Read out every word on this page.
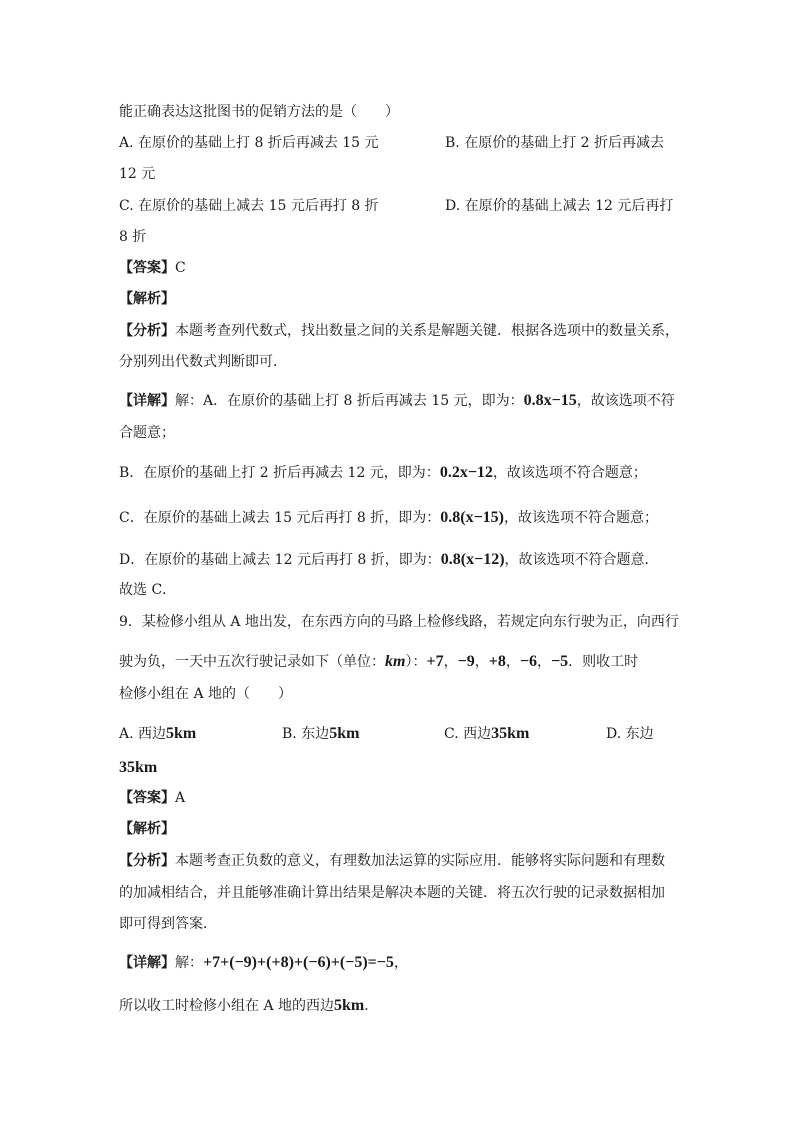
能正确表达这批图书的促销方法的是（　　）
A. 在原价的基础上打 8 折后再减去 15 元	B. 在原价的基础上打 2 折后再减去
12 元
C. 在原价的基础上减去 15 元后再打 8 折	D. 在原价的基础上减去 12 元后再打
8 折
【答案】C
【解析】
【分析】本题考查列代数式，找出数量之间的关系是解题关键．根据各选项中的数量关系，
分别列出代数式判断即可．
【详解】解：A．在原价的基础上打 8 折后再减去 15 元，即为：0.8x−15，故该选项不符
合题意；
B．在原价的基础上打 2 折后再减去 12 元，即为：0.2x−12，故该选项不符合题意；
C．在原价的基础上减去 15 元后再打 8 折，即为：0.8(x−15)，故该选项不符合题意；
D．在原价的基础上减去 12 元后再打 8 折，即为：0.8(x−12)，故该选项不符合题意．
故选 C．
9．某检修小组从 A 地出发，在东西方向的马路上检修线路，若规定向东行驶为正，向西行
驶为负，一天中五次行驶记录如下（单位：km）：+7，−9，+8，−6，−5．则收工时
检修小组在 A 地的（　　）
A. 西边5km	B. 东边5km	C. 西边35km	D. 东边
35km
【答案】A
【解析】
【分析】本题考查正负数的意义，有理数加法运算的实际应用．能够将实际问题和有理数
的加减相结合，并且能够准确计算出结果是解决本题的关键．将五次行驶的记录数据相加
即可得到答案．
【详解】解：+7+(−9)+(+8)+(−6)+(−5)=−5，
所以收工时检修小组在 A 地的西边5km．
